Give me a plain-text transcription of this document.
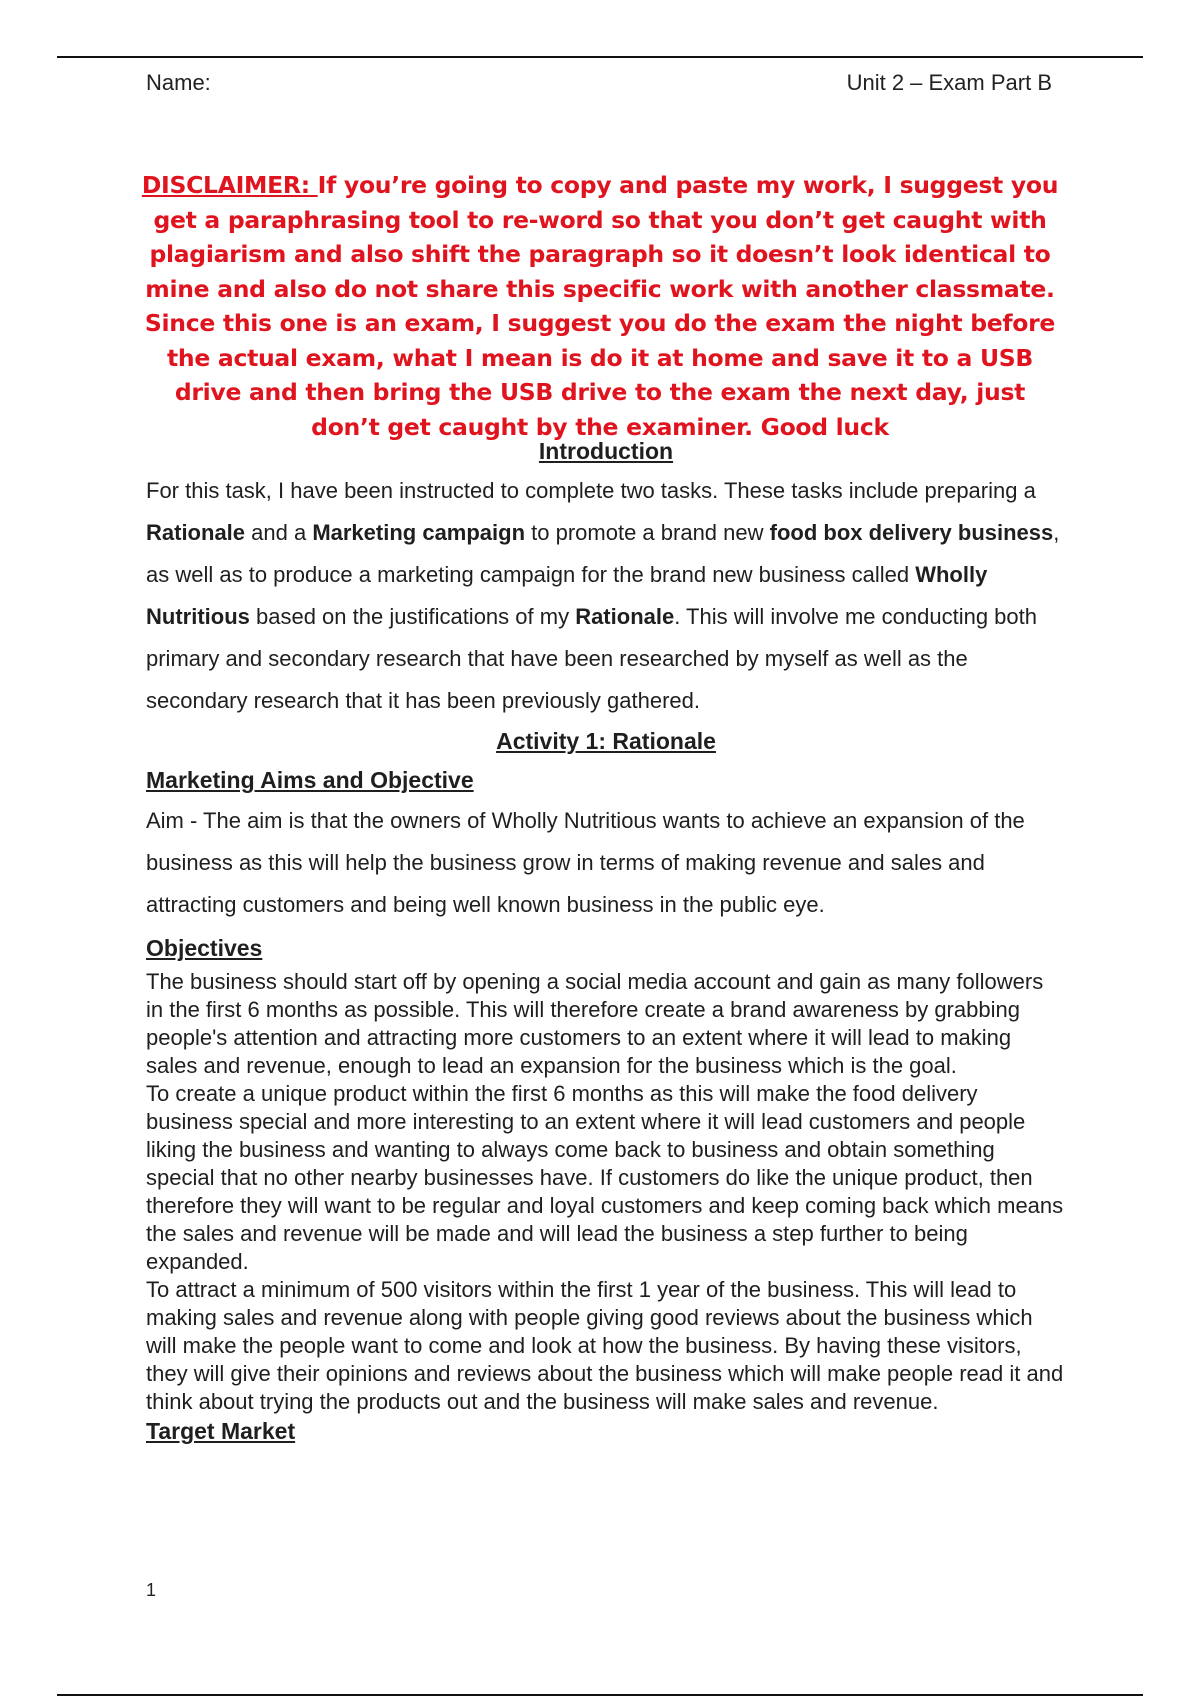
Name:	Unit 2 – Exam Part B
DISCLAIMER: If you’re going to copy and paste my work, I suggest you get a paraphrasing tool to re-word so that you don’t get caught with plagiarism and also shift the paragraph so it doesn’t look identical to mine and also do not share this specific work with another classmate. Since this one is an exam, I suggest you do the exam the night before the actual exam, what I mean is do it at home and save it to a USB drive and then bring the USB drive to the exam the next day, just don’t get caught by the examiner. Good luck
Introduction

For this task, I have been instructed to complete two tasks. These tasks include preparing a Rationale and a Marketing campaign to promote a brand new food box delivery business, as well as to produce a marketing campaign for the brand new business called Wholly Nutritious based on the justifications of my Rationale. This will involve me conducting both primary and secondary research that have been researched by myself as well as the secondary research that it has been previously gathered.

Activity 1: Rationale
Marketing Aims and Objective

Aim - The aim is that the owners of Wholly Nutritious wants to achieve an expansion of the business as this will help the business grow in terms of making revenue and sales and attracting customers and being well known business in the public eye.

Objectives

The business should start off by opening a social media account and gain as many followers in the first 6 months as possible. This will therefore create a brand awareness by grabbing people's attention and attracting more customers to an extent where it will lead to making sales and revenue, enough to lead an expansion for the business which is the goal.

To create a unique product within the first 6 months as this will make the food delivery business special and more interesting to an extent where it will lead customers and people liking the business and wanting to always come back to business and obtain something special that no other nearby businesses have. If customers do like the unique product, then therefore they will want to be regular and loyal customers and keep coming back which means the sales and revenue will be made and will lead the business a step further to being expanded.

To attract a minimum of 500 visitors within the first 1 year of the business. This will lead to making sales and revenue along with people giving good reviews about the business which will make the people want to come and look at how the business. By having these visitors, they will give their opinions and reviews about the business which will make people read it and think about trying the products out and the business will make sales and revenue.

Target Market
1
